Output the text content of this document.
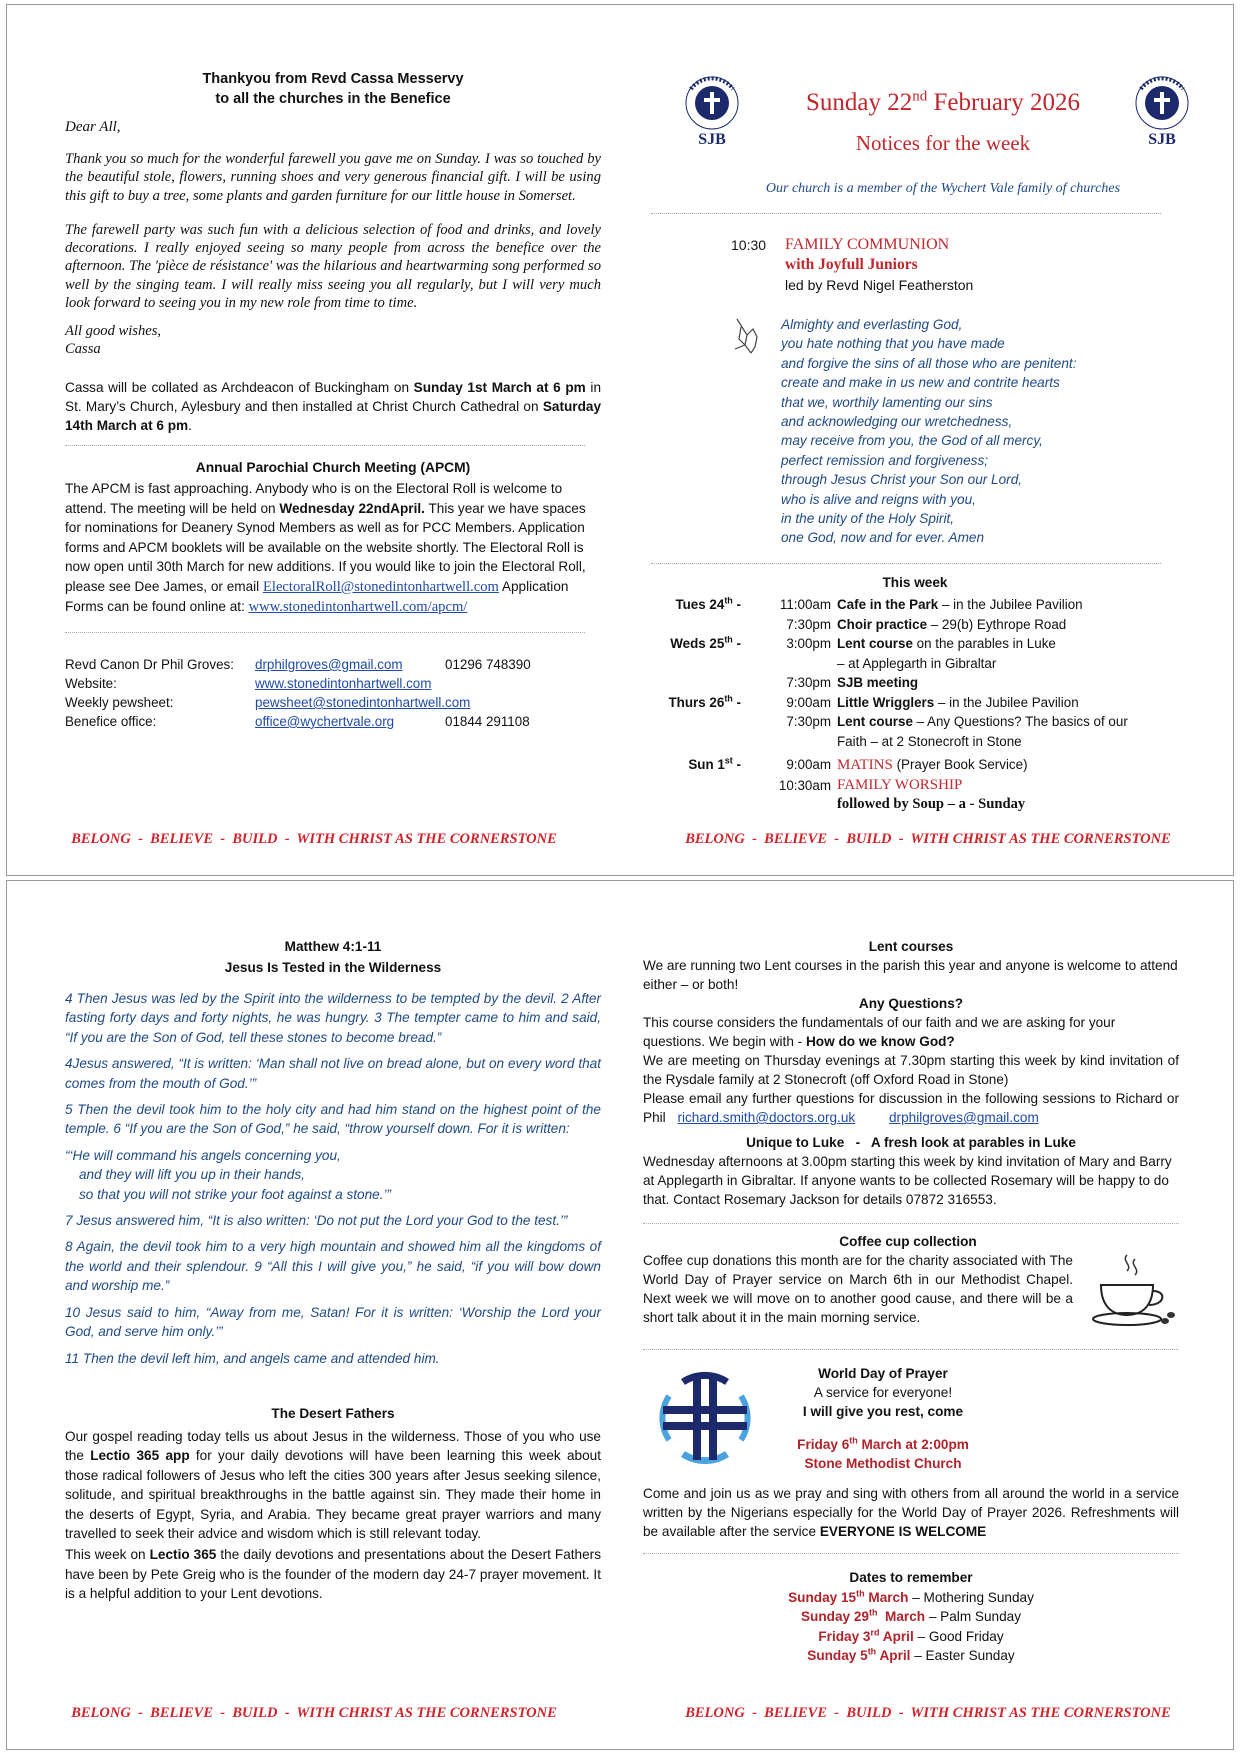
Thankyou from Revd Cassa Messervy
to all the churches in the Benefice
Dear All,

Thank you so much for the wonderful farewell you gave me on Sunday. I was so touched by the beautiful stole, flowers, running shoes and very generous financial gift. I will be using this gift to buy a tree, some plants and garden furniture for our little house in Somerset.

The farewell party was such fun with a delicious selection of food and drinks, and lovely decorations. I really enjoyed seeing so many people from across the benefice over the afternoon. The 'pièce de résistance' was the hilarious and heartwarming song performed so well by the singing team. I will really miss seeing you all regularly, but I will very much look forward to seeing you in my new role from time to time.

All good wishes,
Cassa

Cassa will be collated as Archdeacon of Buckingham on Sunday 1st March at 6 pm in St. Mary’s Church, Aylesbury and then installed at Christ Church Cathedral on Saturday 14th March at 6 pm.

Annual Parochial Church Meeting (APCM)

The APCM is fast approaching. Anybody who is on the Electoral Roll is welcome to attend. The meeting will be held on Wednesday 22ndApril. This year we have spaces for nominations for Deanery Synod Members as well as for PCC Members. Application forms and APCM booklets will be available on the website shortly. The Electoral Roll is now open until 30th March for new additions. If you would like to join the Electoral Roll, please see Dee James, or email ElectoralRoll@stonedintonhartwell.com Application Forms can be found online at: www.stonedintonhartwell.com/apcm/

Revd Canon Dr Phil Groves:	drphilgroves@gmail.com	01296 748390
Website:	www.stonedintonhartwell.com
Weekly pewsheet:	pewsheet@stonedintonhartwell.com
Benefice office:	office@wychertvale.org	01844 291108
BELONG  -  BELIEVE  -  BUILD  -  WITH CHRIST AS THE CORNERSTONE
SJB	SJB
Sunday 22nd February 2026
Notices for the week
Our church is a member of the Wychert Vale family of churches
10:30 FAMILY COMMUNION
with Joyfull Juniors
led by Revd Nigel Featherston
Almighty and everlasting God,
you hate nothing that you have made
and forgive the sins of all those who are penitent:
create and make in us new and contrite hearts
that we, worthily lamenting our sins
and acknowledging our wretchedness,
may receive from you, the God of all mercy,
perfect remission and forgiveness;
through Jesus Christ your Son our Lord,
who is alive and reigns with you,
in the unity of the Holy Spirit,
one God, now and for ever. Amen
This week
Tues 24th -	11:00am Cafe in the Park – in the Jubilee Pavilion
7:30pm Choir practice – 29(b) Eythrope Road
Weds 25th -	3:00pm Lent course on the parables in Luke
– at Applegarth in Gibraltar
7:30pm SJB meeting
Thurs 26th -	9:00am Little Wrigglers – in the Jubilee Pavilion
7:30pm Lent course – Any Questions? The basics of our
Faith – at 2 Stonecroft in Stone
Sun 1st -	9:00am MATINS (Prayer Book Service)
10:30am FAMILY WORSHIP
followed by Soup – a - Sunday
BELONG  -  BELIEVE  -  BUILD  -  WITH CHRIST AS THE CORNERSTONE
Matthew 4:1-11
Jesus Is Tested in the Wilderness

4 Then Jesus was led by the Spirit into the wilderness to be tempted by the devil. 2 After fasting forty days and forty nights, he was hungry. 3 The tempter came to him and said, “If you are the Son of God, tell these stones to become bread.”

4Jesus answered, “It is written: ‘Man shall not live on bread alone, but on every word that comes from the mouth of God.’”

5 Then the devil took him to the holy city and had him stand on the highest point of the temple. 6 “If you are the Son of God,” he said, “throw yourself down. For it is written:

“‘He will command his angels concerning you,

and they will lift you up in their hands,

so that you will not strike your foot against a stone.’”

7 Jesus answered him, “It is also written: ‘Do not put the Lord your God to the test.’”

8 Again, the devil took him to a very high mountain and showed him all the kingdoms of the world and their splendour. 9 “All this I will give you,” he said, “if you will bow down and worship me.”

10 Jesus said to him, “Away from me, Satan! For it is written: ‘Worship the Lord your God, and serve him only.’”

11 Then the devil left him, and angels came and attended him.

The Desert Fathers

Our gospel reading today tells us about Jesus in the wilderness. Those of you who use the Lectio 365 app for your daily devotions will have been learning this week about those radical followers of Jesus who left the cities 300 years after Jesus seeking silence, solitude, and spiritual breakthroughs in the battle against sin. They made their home in the deserts of Egypt, Syria, and Arabia. They became great prayer warriors and many travelled to seek their advice and wisdom which is still relevant today.

This week on Lectio 365 the daily devotions and presentations about the Desert Fathers have been by Pete Greig who is the founder of the modern day 24-7 prayer movement. It is a helpful addition to your Lent devotions.

BELONG  -  BELIEVE  -  BUILD  -  WITH CHRIST AS THE CORNERSTONE
Lent courses

We are running two Lent courses in the parish this year and anyone is welcome to attend either – or both!

Any Questions?

This course considers the fundamentals of our faith and we are asking for your questions. We begin with - How do we know God?

We are meeting on Thursday evenings at 7.30pm starting this week by kind invitation of the Rysdale family at 2 Stonecroft (off Oxford Road in Stone)

Please email any further questions for discussion in the following sessions to Richard or Phil richard.smith@doctors.org.uk drphilgroves@gmail.com

Unique to Luke   -   A fresh look at parables in Luke

Wednesday afternoons at 3.00pm starting this week by kind invitation of Mary and Barry at Applegarth in Gibraltar. If anyone wants to be collected Rosemary will be happy to do that. Contact Rosemary Jackson for details 07872 316553.

Coffee cup collection

Coffee cup donations this month are for the charity associated with The World Day of Prayer service on March 6th in our Methodist Chapel. Next week we will move on to another good cause, and there will be a short talk about it in the main morning service.

World Day of Prayer
A service for everyone!
I will give you rest, come
Friday 6th March at 2:00pm
Stone Methodist Church

Come and join us as we pray and sing with others from all around the world in a service written by the Nigerians especially for the World Day of Prayer 2026. Refreshments will be available after the service EVERYONE IS WELCOME

Dates to remember
Sunday 15th March – Mothering Sunday
Sunday 29th  March – Palm Sunday
Friday 3rd April – Good Friday
Sunday 5th April – Easter Sunday
BELONG  -  BELIEVE  -  BUILD  -  WITH CHRIST AS THE CORNERSTONE
